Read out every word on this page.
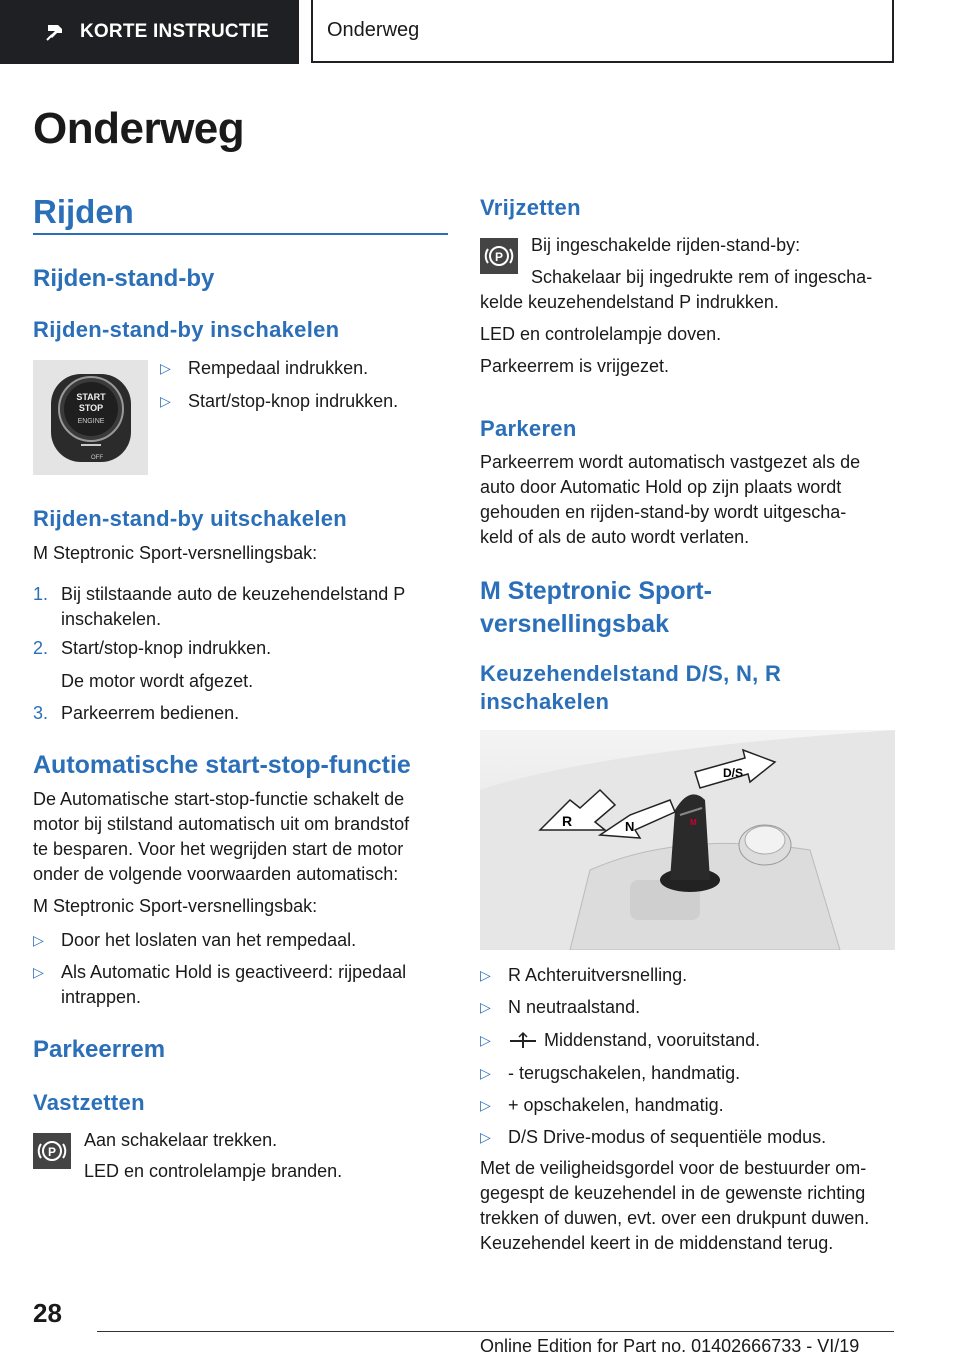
KORTE INSTRUCTIE	Onderweg
Onderweg
Rijden
Rijden-stand-by
Rijden-stand-by inschakelen
START
STOP
ENGINE
OFF
▷ Rempedaal indrukken.
▷ Start/stop-knop indrukken.
Rijden-stand-by uitschakelen

M Steptronic Sport-versnellingsbak:

1. Bij stilstaande auto de keuzehendelstand P
inschakelen.
2. Start/stop-knop indrukken.
De motor wordt afgezet.
3. Parkeerrem bedienen.
Automatische start-stop-functie

De Automatische start-stop-functie schakelt de
motor bij stilstand automatisch uit om brandstof
te besparen. Voor het wegrijden start de motor
onder de volgende voorwaarden automatisch:

M Steptronic Sport-versnellingsbak:

▷ Door het loslaten van het rempedaal.
▷ Als Automatic Hold is geactiveerd: rijpedaal
intrappen.
Parkeerrem
Vastzetten
P

Aan schakelaar trekken.

LED en controlelampje branden.

Vrijzetten
P

Bij ingeschakelde rijden-stand-by:

Schakelaar bij ingedrukte rem of ingescha-

kelde keuzehendelstand P indrukken.

LED en controlelampje doven.

Parkeerrem is vrijgezet.

Parkeren

Parkeerrem wordt automatisch vastgezet als de
auto door Automatic Hold op zijn plaats wordt
gehouden en rijden-stand-by wordt uitgescha-
keld of als de auto wordt verlaten.

M Steptronic Sport-
versnellingsbak
Keuzehendelstand D/S, N, R
inschakelen
M
R	N
D/S
▷ R Achteruitversnelling.
▷ N neutraalstand.
▷	Middenstand, vooruitstand.
▷ - terugschakelen, handmatig.
▷ + opschakelen, handmatig.
▷ D/S Drive-modus of sequentiële modus.

Met de veiligheidsgordel voor de bestuurder om-
gegespt de keuzehendel in de gewenste richting
trekken of duwen, evt. over een drukpunt duwen.
Keuzehendel keert in de middenstand terug.

28
Online Edition for Part no. 01402666733 - VI/19
